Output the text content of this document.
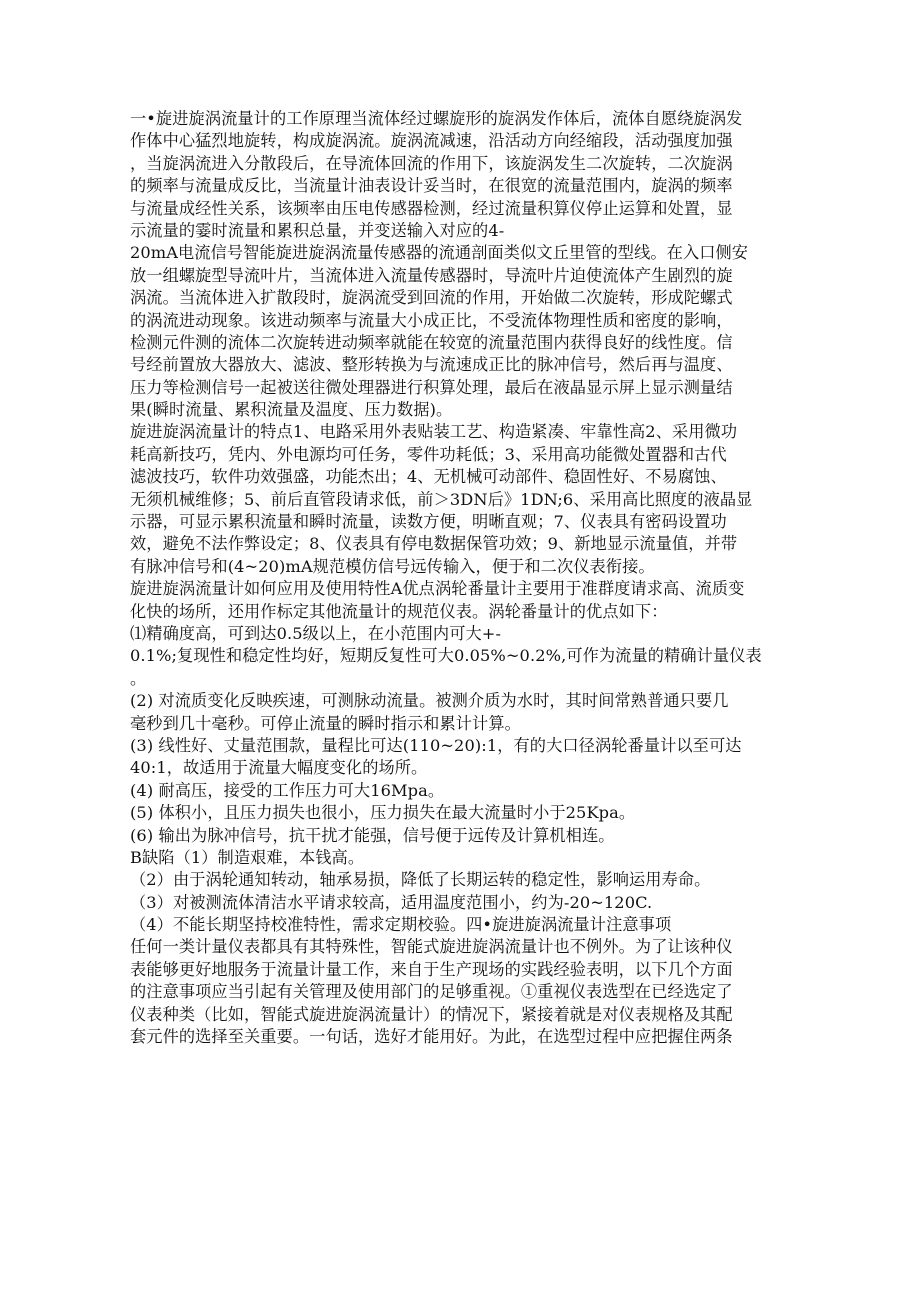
一•旋进旋涡流量计的工作原理当流体经过螺旋形的旋涡发作体后，流体自愿绕旋涡发
作体中心猛烈地旋转，构成旋涡流。旋涡流减速，沿活动方向经缩段，活动强度加强
，当旋涡流进入分散段后，在导流体回流的作用下，该旋涡发生二次旋转，二次旋涡
的频率与流量成反比，当流量计油表设计妥当时，在很宽的流量范围内，旋涡的频率
与流量成经性关系，该频率由压电传感器检测，经过流量积算仪停止运算和处置，显
示流量的霎时流量和累积总量，并变送输入对应的4-
20mA电流信号智能旋进旋涡流量传感器的流通剖面类似文丘里管的型线。在入口侧安
放一组螺旋型导流叶片，当流体进入流量传感器时，导流叶片迫使流体产生剧烈的旋
涡流。当流体进入扩散段时，旋涡流受到回流的作用，开始做二次旋转，形成陀螺式
的涡流进动现象。该进动频率与流量大小成正比，不受流体物理性质和密度的影响，
检测元件测的流体二次旋转进动频率就能在较宽的流量范围内获得良好的线性度。信
号经前置放大器放大、滤波、整形转换为与流速成正比的脉冲信号，然后再与温度、
压力等检测信号一起被送往微处理器进行积算处理，最后在液晶显示屏上显示测量结
果(瞬时流量、累积流量及温度、压力数据)。
旋进旋涡流量计的特点1、电路采用外表贴装工艺、构造紧凑、牢靠性高2、采用微功
耗高新技巧，凭内、外电源均可任务，零件功耗低；3、采用高功能微处置器和古代
滤波技巧，软件功效强盛，功能杰出；4、无机械可动部件、稳固性好、不易腐蚀、
无须机械维修；5、前后直管段请求低，前＞3DN后》1DN;6、采用高比照度的液晶显
示器，可显示累积流量和瞬时流量，读数方便，明晰直观；7、仪表具有密码设置功
效，避免不法作弊设定；8、仪表具有停电数据保管功效；9、新地显示流量值，并带
有脉冲信号和(4~20)mA规范模仿信号远传输入，便于和二次仪表衔接。
旋进旋涡流量计如何应用及使用特性A优点涡轮番量计主要用于准群度请求高、流质变
化快的场所，还用作标定其他流量计的规范仪表。涡轮番量计的优点如下：
⑴精确度高，可到达0.5级以上，在小范围内可大+-
0.1%;复现性和稳定性均好，短期反复性可大0.05%~0.2%,可作为流量的精确计量仪表
。
(2) 对流质变化反映疾速，可测脉动流量。被测介质为水时，其时间常熟普通只要几
毫秒到几十毫秒。可停止流量的瞬时指示和累计计算。
(3) 线性好、丈量范围款，量程比可达(110~20):1，有的大口径涡轮番量计以至可达
40:1，故适用于流量大幅度变化的场所。
(4) 耐高压，接受的工作压力可大16Mpa。
(5) 体积小，且压力损失也很小，压力损失在最大流量时小于25Kpa。
(6) 输出为脉冲信号，抗干扰才能强，信号便于远传及计算机相连。
B缺陷（1）制造艰难，本钱高。
（2）由于涡轮通知转动，轴承易损，降低了长期运转的稳定性，影响运用寿命。
（3）对被测流体清洁水平请求较高，适用温度范围小，约为-20~120C.
（4）不能长期坚持校准特性，需求定期校验。四•旋进旋涡流量计注意事项
任何一类计量仪表都具有其特殊性，智能式旋进旋涡流量计也不例外。为了让该种仪
表能够更好地服务于流量计量工作，来自于生产现场的实践经验表明，以下几个方面
的注意事项应当引起有关管理及使用部门的足够重视。①重视仪表选型在已经选定了
仪表种类（比如，智能式旋进旋涡流量计）的情况下，紧接着就是对仪表规格及其配
套元件的选择至关重要。一句话，选好才能用好。为此，在选型过程中应把握住两条
